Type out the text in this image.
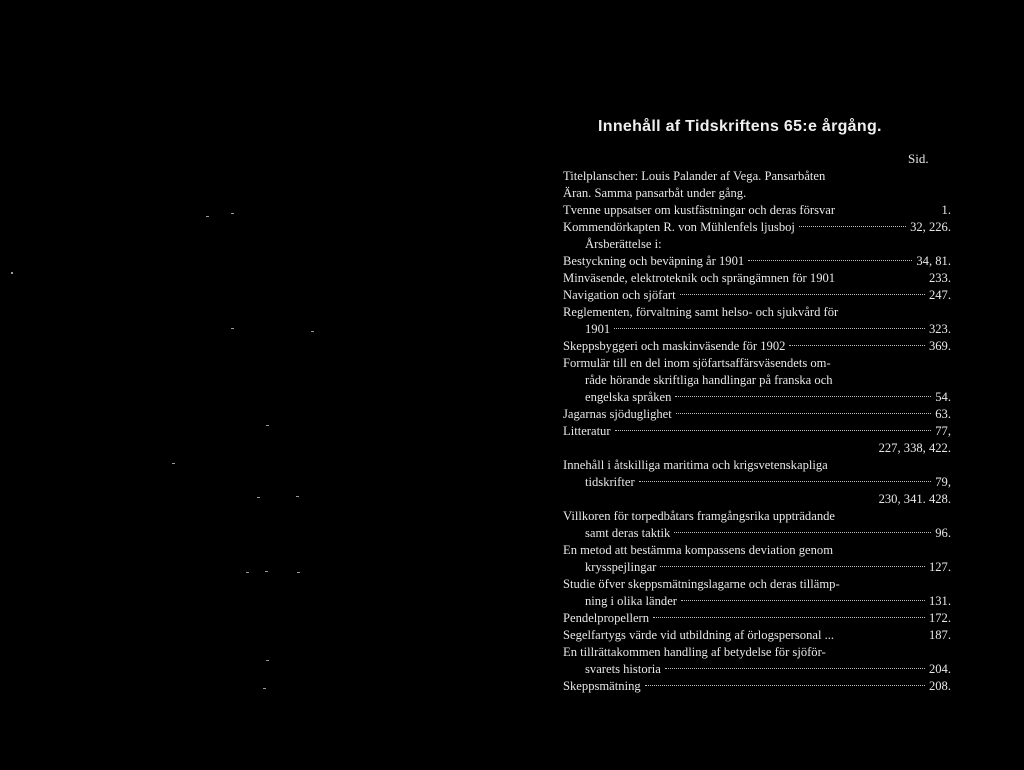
Innehåll af Tidskriftens 65:e årgång.
Sid.
Titelplanscher: Louis Palander af Vega. Pansarbåten
Äran. Samma pansarbåt under gång.
Tvenne uppsatser om kustfästningar och deras försvar	1.
Kommendörkapten R. von Mühlenfels ljusboj	32, 226.
Årsberättelse i:
Bestyckning och beväpning år 1901	34, 81.
Minväsende, elektroteknik och sprängämnen för 1901	233.
Navigation och sjöfart	247.
Reglementen, förvaltning samt helso- och sjukvård för
1901	323.
Skeppsbyggeri och maskinväsende för 1902	369.
Formulär till en del inom sjöfartsaffärsväsendets om-
råde hörande skriftliga handlingar på franska och
engelska språken	54.
Jagarnas sjöduglighet	63.
Litteratur	77,
227, 338, 422.
Innehåll i åtskilliga maritima och krigsvetenskapliga
tidskrifter	79,
230, 341. 428.
Villkoren för torpedbåtars framgångsrika uppträdande
samt deras taktik	96.
En metod att bestämma kompassens deviation genom
krysspejlingar	127.
Studie öfver skeppsmätningslagarne och deras tillämp-
ning i olika länder	131.
Pendelpropellern	172.
Segelfartygs värde vid utbildning af örlogspersonal ...	187.
En tillrättakommen handling af betydelse för sjöför-
svarets historia	204.
Skeppsmätning	208.
